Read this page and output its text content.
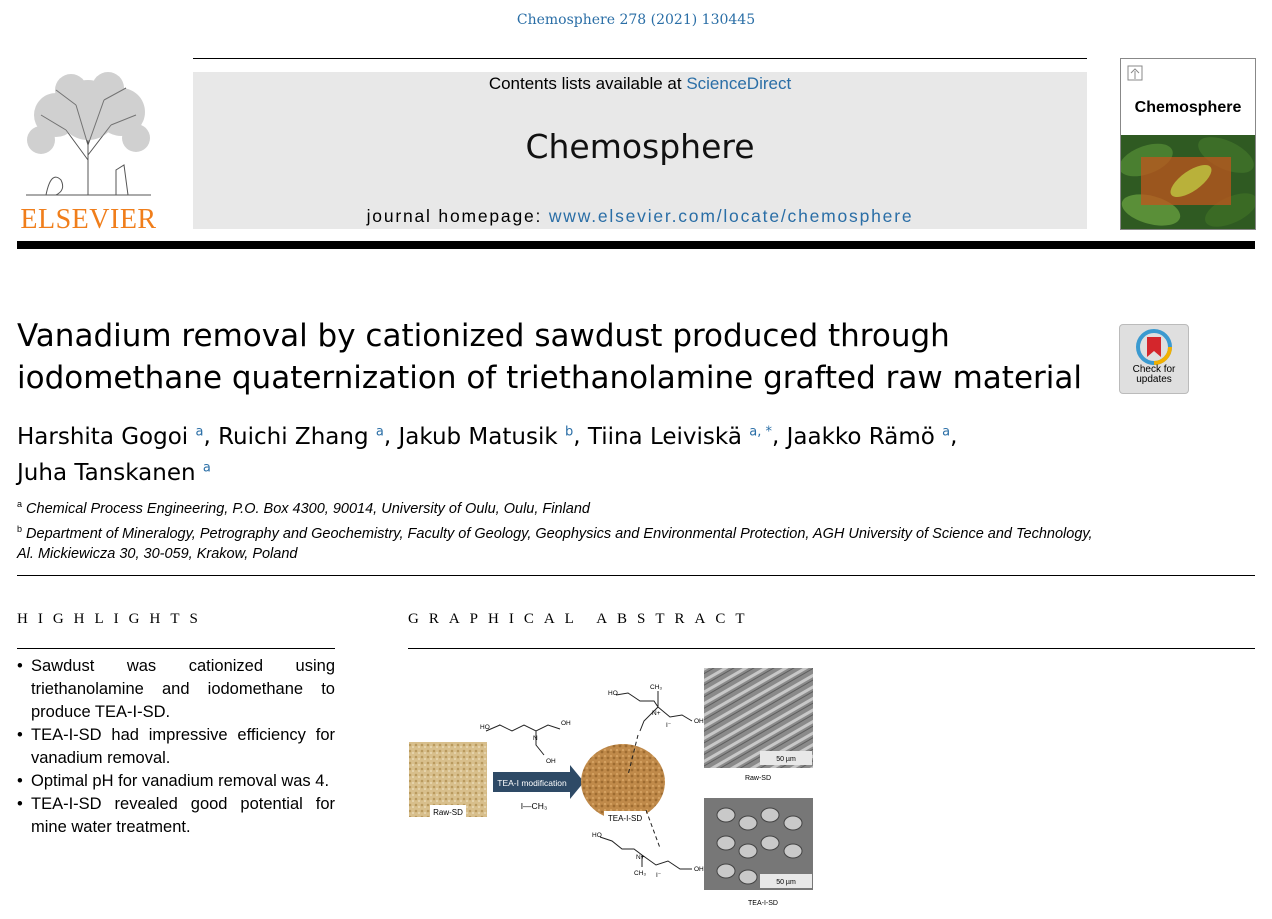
Chemosphere 278 (2021) 130445
ELSEVIER
Contents lists available at ScienceDirect
Chemosphere
journal homepage: www.elsevier.com/locate/chemosphere
Chemosphere
Vanadium removal by cationized sawdust produced through iodomethane quaternization of triethanolamine grafted raw material	Check for updates
Harshita Gogoi $^a$, Ruichi Zhang $^a$, Jakub Matusik $^b$, Tiina Leiviskä $^{a, *}$, Jaakko Rämö $^a$,
Juha Tanskanen $^a$
$^a$ Chemical Process Engineering, P.O. Box 4300, 90014, University of Oulu, Oulu, Finland
$^b$ Department of Mineralogy, Petrography and Geochemistry, Faculty of Geology, Geophysics and Environmental Protection, AGH University of Science and Technology, Al. Mickiewicza 30, 30-059, Krakow, Poland
HIGHLIGHTS	GRAPHICAL ABSTRACT
• Sawdust was cationized using triethanolamine and iodomethane to produce TEA-I-SD.
• TEA-I-SD had impressive efficiency for vanadium removal.
• Optimal pH for vanadium removal was 4.
• TEA-I-SD revealed good potential for mine water treatment.
Raw-SD
TEA-I modification
I—CH₃
TEA-I-SD
HO
N
OH
OH
HO
N+
CH₃
I⁻
OH
HO
N+
CH₃ I⁻
OH
50 µm
Raw-SD
50 µm
TEA-I-SD
